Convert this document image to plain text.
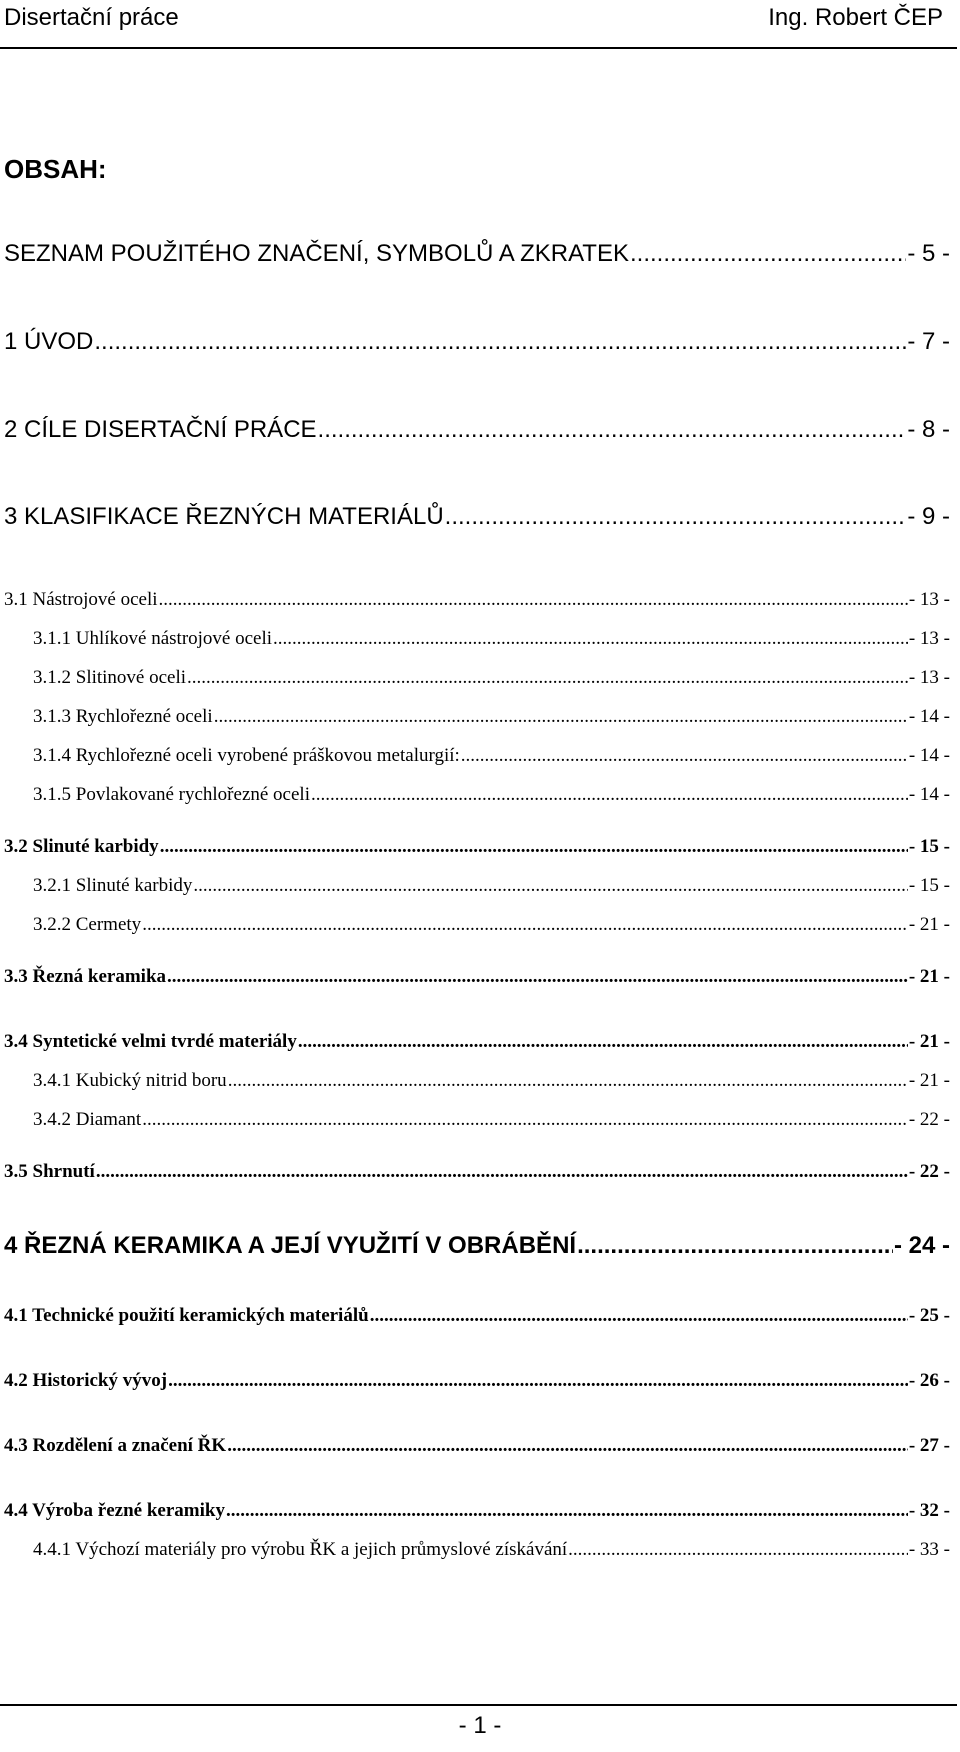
Disertační práce	Ing. Robert ČEP
OBSAH:
SEZNAM POUŽITÉHO ZNAČENÍ, SYMBOLŮ A ZKRATEK .....	- 5 -
1 ÚVOD .....	- 7 -
2 CÍLE DISERTAČNÍ PRÁCE .....	- 8 -
3 KLASIFIKACE ŘEZNÝCH MATERIÁLŮ .....	- 9 -
3.1 Nástrojové oceli .....	- 13 -
3.1.1 Uhlíkové nástrojové oceli .....	- 13 -
3.1.2 Slitinové oceli .....	- 13 -
3.1.3 Rychlořezné oceli .....	- 14 -
3.1.4 Rychlořezné oceli vyrobené práškovou metalurgií: .....	- 14 -
3.1.5 Povlakované rychlořezné oceli .....	- 14 -
3.2 Slinuté karbidy .....	- 15 -
3.2.1 Slinuté karbidy .....	- 15 -
3.2.2 Cermety .....	- 21 -
3.3 Řezná keramika .....	- 21 -
3.4 Syntetické velmi tvrdé materiály .....	- 21 -
3.4.1 Kubický nitrid boru .....	- 21 -
3.4.2 Diamant .....	- 22 -
3.5 Shrnutí .....	- 22 -
4 ŘEZNÁ KERAMIKA A JEJÍ VYUŽITÍ V OBRÁBĚNÍ .....	- 24 -
4.1 Technické použití keramických materiálů .....	- 25 -
4.2 Historický vývoj .....	- 26 -
4.3 Rozdělení a značení ŘK .....	- 27 -
4.4 Výroba řezné keramiky .....	- 32 -
4.4.1 Výchozí materiály pro výrobu ŘK a jejich průmyslové získávání .....	- 33 -
- 1 -
